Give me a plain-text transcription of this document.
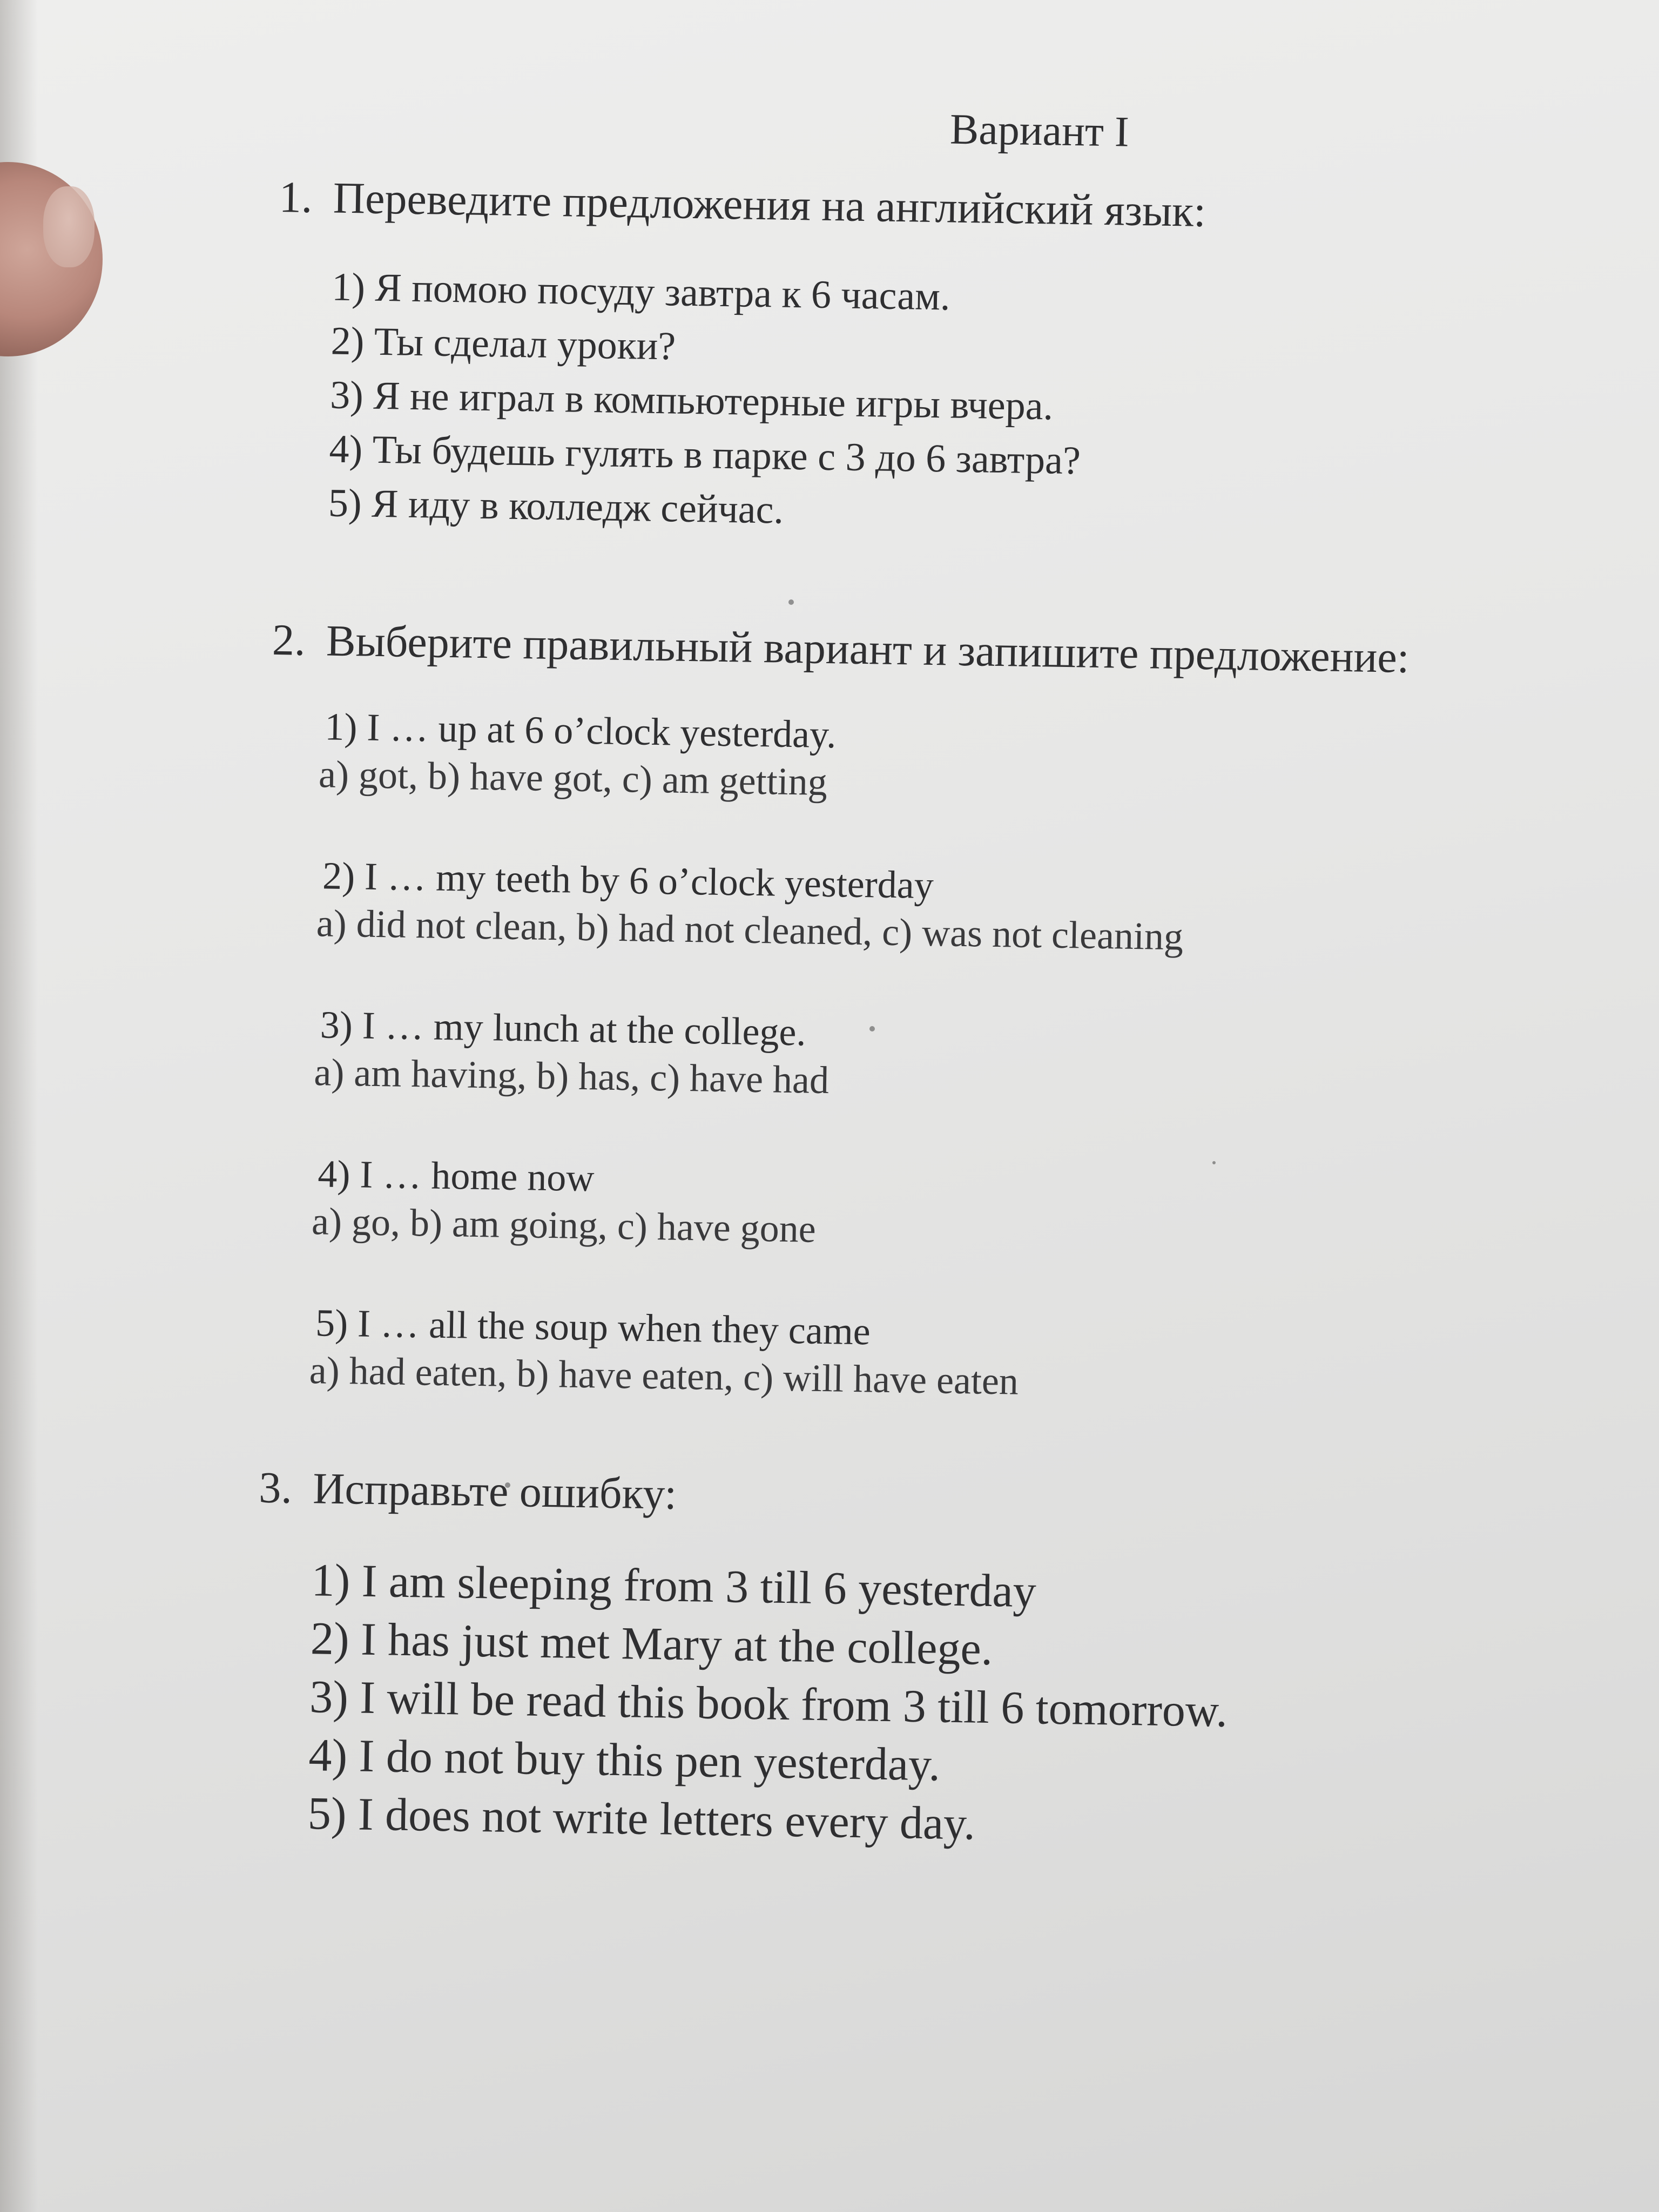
Вариант I
1. Переведите предложения на английский язык:
1) Я помою посуду завтра к 6 часам.
2) Ты сделал уроки?
3) Я не играл в компьютерные игры вчера.
4) Ты будешь гулять в парке с 3 до 6 завтра?
5) Я иду в колледж сейчас.
2. Выберите правильный вариант и запишите предложение:
1) I … up at 6 o’clock yesterday.
a) got, b) have got, c) am getting
2) I … my teeth by 6 o’clock yesterday
a) did not clean, b) had not cleaned, c) was not cleaning
3) I … my lunch at the college.
a) am having, b) has, c) have had
4) I … home now
a) go, b) am going, c) have gone
5) I … all the soup when they came
a) had eaten, b) have eaten, c) will have eaten
3. Исправьте ошибку:
1) I am sleeping from 3 till 6 yesterday
2) I has just met Mary at the college.
3) I will be read this book from 3 till 6 tomorrow.
4) I do not buy this pen yesterday.
5) I does not write letters every day.
